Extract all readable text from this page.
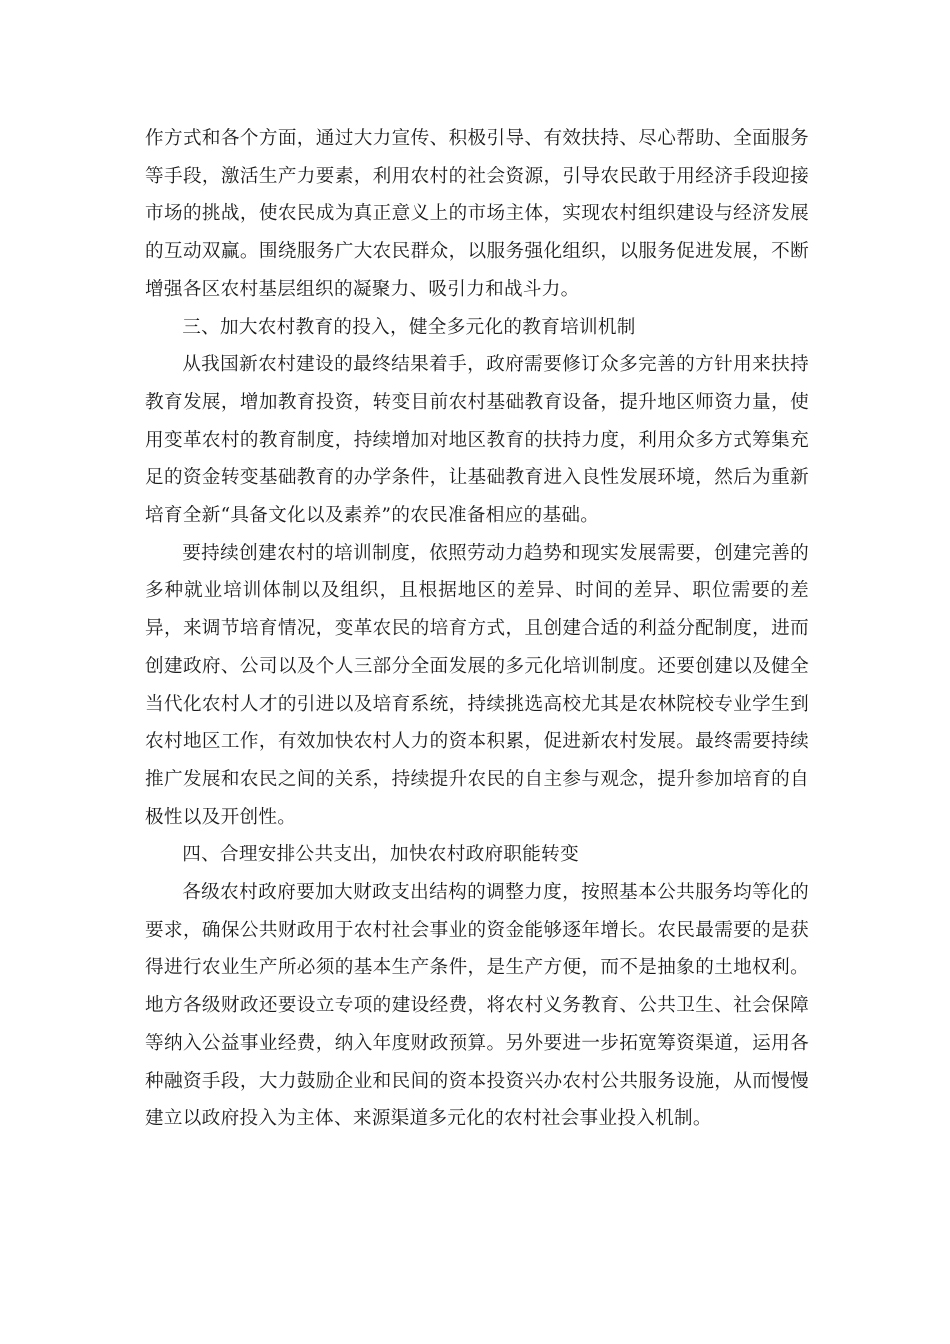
作方式和各个方面，通过大力宣传、积极引导、有效扶持、尽心帮助、全面服务等手段，激活生产力要素，利用农村的社会资源，引导农民敢于用经济手段迎接市场的挑战，使农民成为真正意义上的市场主体，实现农村组织建设与经济发展的互动双赢。围绕服务广大农民群众，以服务强化组织，以服务促进发展，不断增强各区农村基层组织的凝聚力、吸引力和战斗力。

三、加大农村教育的投入，健全多元化的教育培训机制

从我国新农村建设的最终结果着手，政府需要修订众多完善的方针用来扶持教育发展，增加教育投资，转变目前农村基础教育设备，提升地区师资力量，使用变革农村的教育制度，持续增加对地区教育的扶持力度，利用众多方式筹集充足的资金转变基础教育的办学条件，让基础教育进入良性发展环境，然后为重新培育全新“具备文化以及素养”的农民准备相应的基础。

要持续创建农村的培训制度，依照劳动力趋势和现实发展需要，创建完善的多种就业培训体制以及组织，且根据地区的差异、时间的差异、职位需要的差异，来调节培育情况，变革农民的培育方式，且创建合适的利益分配制度，进而创建政府、公司以及个人三部分全面发展的多元化培训制度。还要创建以及健全当代化农村人才的引进以及培育系统，持续挑选高校尤其是农林院校专业学生到农村地区工作，有效加快农村人力的资本积累，促进新农村发展。最终需要持续推广发展和农民之间的关系，持续提升农民的自主参与观念，提升参加培育的自极性以及开创性。

四、合理安排公共支出，加快农村政府职能转变

各级农村政府要加大财政支出结构的调整力度，按照基本公共服务均等化的要求，确保公共财政用于农村社会事业的资金能够逐年增长。农民最需要的是获得进行农业生产所必须的基本生产条件，是生产方便，而不是抽象的土地权利。地方各级财政还要设立专项的建设经费，将农村义务教育、公共卫生、社会保障等纳入公益事业经费，纳入年度财政预算。另外要进一步拓宽筹资渠道，运用各种融资手段，大力鼓励企业和民间的资本投资兴办农村公共服务设施，从而慢慢建立以政府投入为主体、来源渠道多元化的农村社会事业投入机制。
